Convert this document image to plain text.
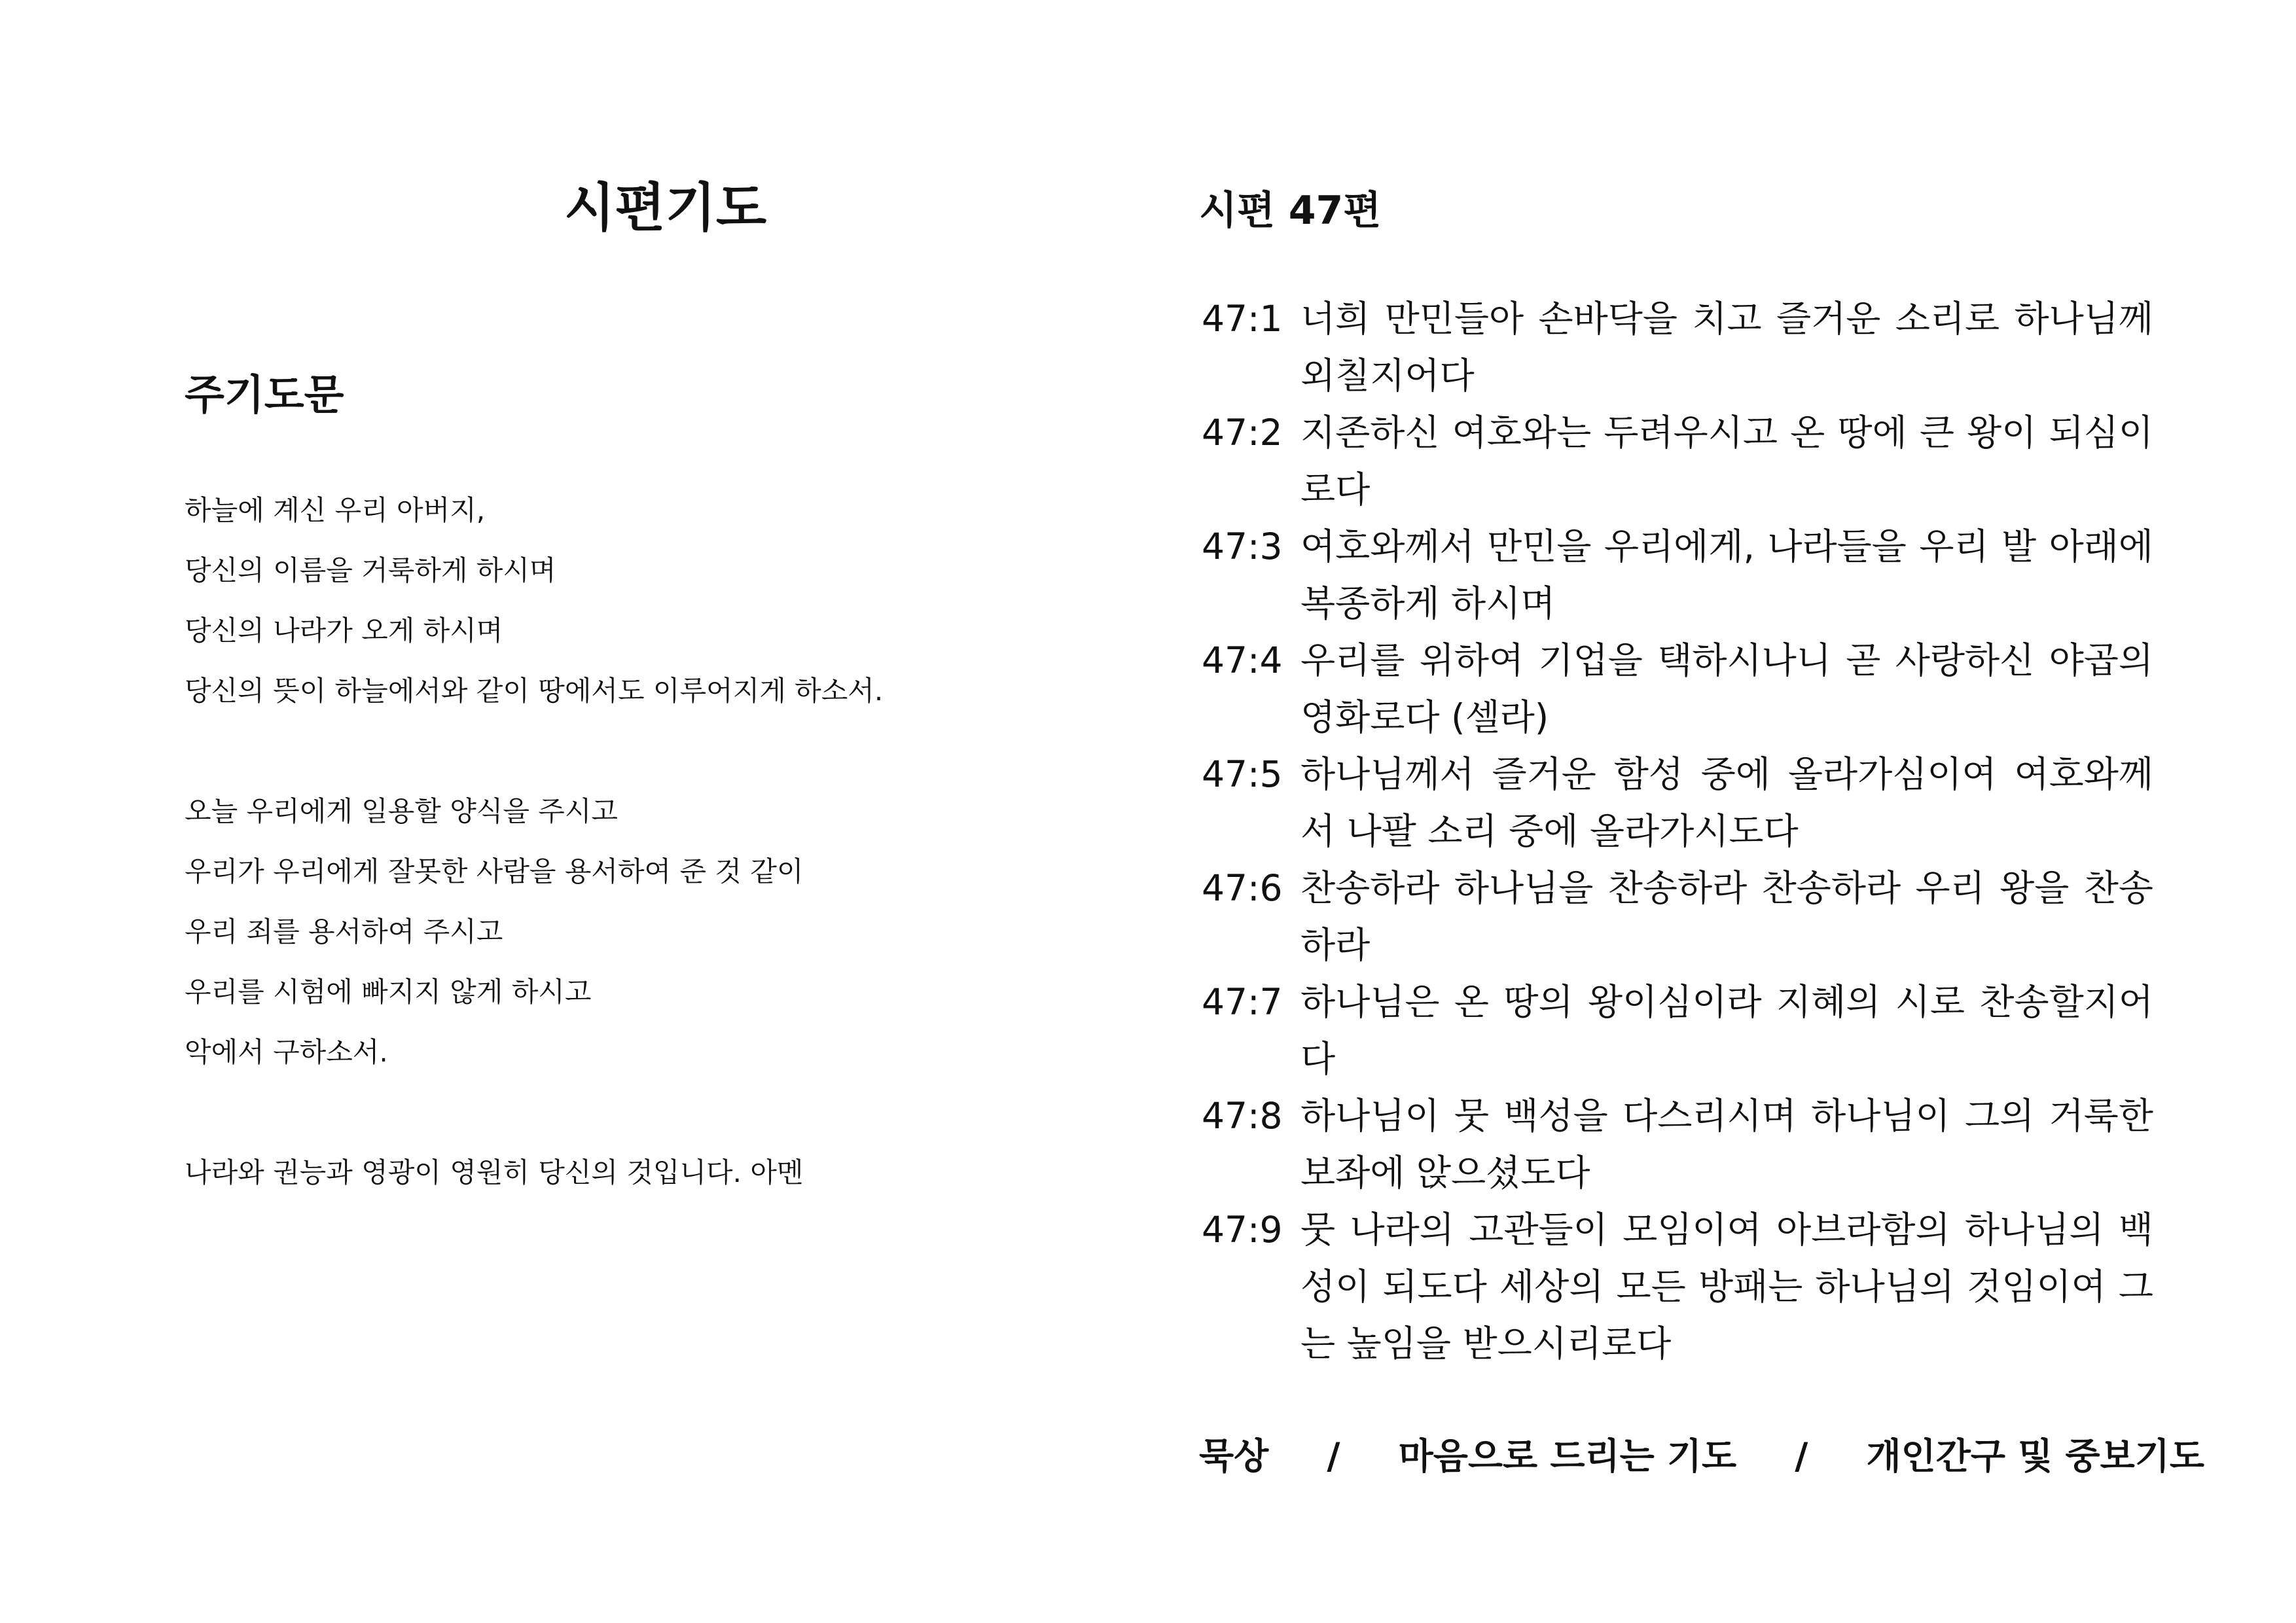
시편기도
주기도문
하늘에 계신 우리 아버지,
당신의 이름을 거룩하게 하시며
당신의 나라가 오게 하시며
당신의 뜻이 하늘에서와 같이 땅에서도 이루어지게 하소서.
오늘 우리에게 일용할 양식을 주시고
우리가 우리에게 잘못한 사람을 용서하여 준 것 같이
우리 죄를 용서하여 주시고
우리를 시험에 빠지지 않게 하시고
악에서 구하소서.
나라와 권능과 영광이 영원히 당신의 것입니다. 아멘
시편 47편
47:1 너희 만민들아 손바닥을 치고 즐거운 소리로 하나님께 외칠지어다
47:2 지존하신 여호와는 두려우시고 온 땅에 큰 왕이 되심이로다
47:3 여호와께서 만민을 우리에게, 나라들을 우리 발 아래에 복종하게 하시며
47:4 우리를 위하여 기업을 택하시나니 곧 사랑하신 야곱의 영화로다 (셀라)
47:5 하나님께서 즐거운 함성 중에 올라가심이여 여호와께서 나팔 소리 중에 올라가시도다
47:6 찬송하라 하나님을 찬송하라 찬송하라 우리 왕을 찬송하라
47:7 하나님은 온 땅의 왕이심이라 지혜의 시로 찬송할지어다
47:8 하나님이 뭇 백성을 다스리시며 하나님이 그의 거룩한 보좌에 앉으셨도다
47:9 뭇 나라의 고관들이 모임이여 아브라함의 하나님의 백성이 되도다 세상의 모든 방패는 하나님의 것임이여 그는 높임을 받으시리로다
묵상 / 마음으로 드리는 기도 / 개인간구 및 중보기도
